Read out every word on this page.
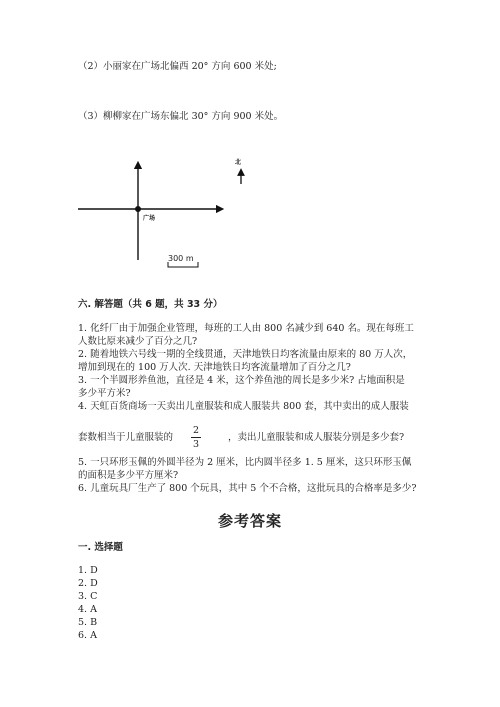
（2）小丽家在广场北偏西 20° 方向 600 米处;
（3）柳柳家在广场东偏北 30° 方向 900 米处。
北
广场
300 m
六. 解答题（共 6 题，共 33 分）
1. 化纤厂由于加强企业管理，每班的工人由 800 名减少到 640 名。现在每班工
人数比原来减少了百分之几?
2. 随着地铁六号线一期的全线贯通，天津地铁日均客流量由原来的 80 万人次，
增加到现在的 100 万人次. 天津地铁日均客流量增加了百分之几?
3. 一个半圆形养鱼池，直径是 4 米，这个养鱼池的周长是多少米? 占地面积是
多少平方米?
4. 天虹百货商场一天卖出儿童服装和成人服装共 800 套，其中卖出的成人服装
套数相当于儿童服装的
2
3
，卖出儿童服装和成人服装分别是多少套?
5. 一只环形玉佩的外圆半径为 2 厘米，比内圆半径多 1. 5 厘米，这只环形玉佩
的面积是多少平方厘米?
6. 儿童玩具厂生产了 800 个玩具，其中 5 个不合格，这批玩具的合格率是多少?
参考答案
一. 选择题
1. D
2. D
3. C
4. A
5. B
6. A
